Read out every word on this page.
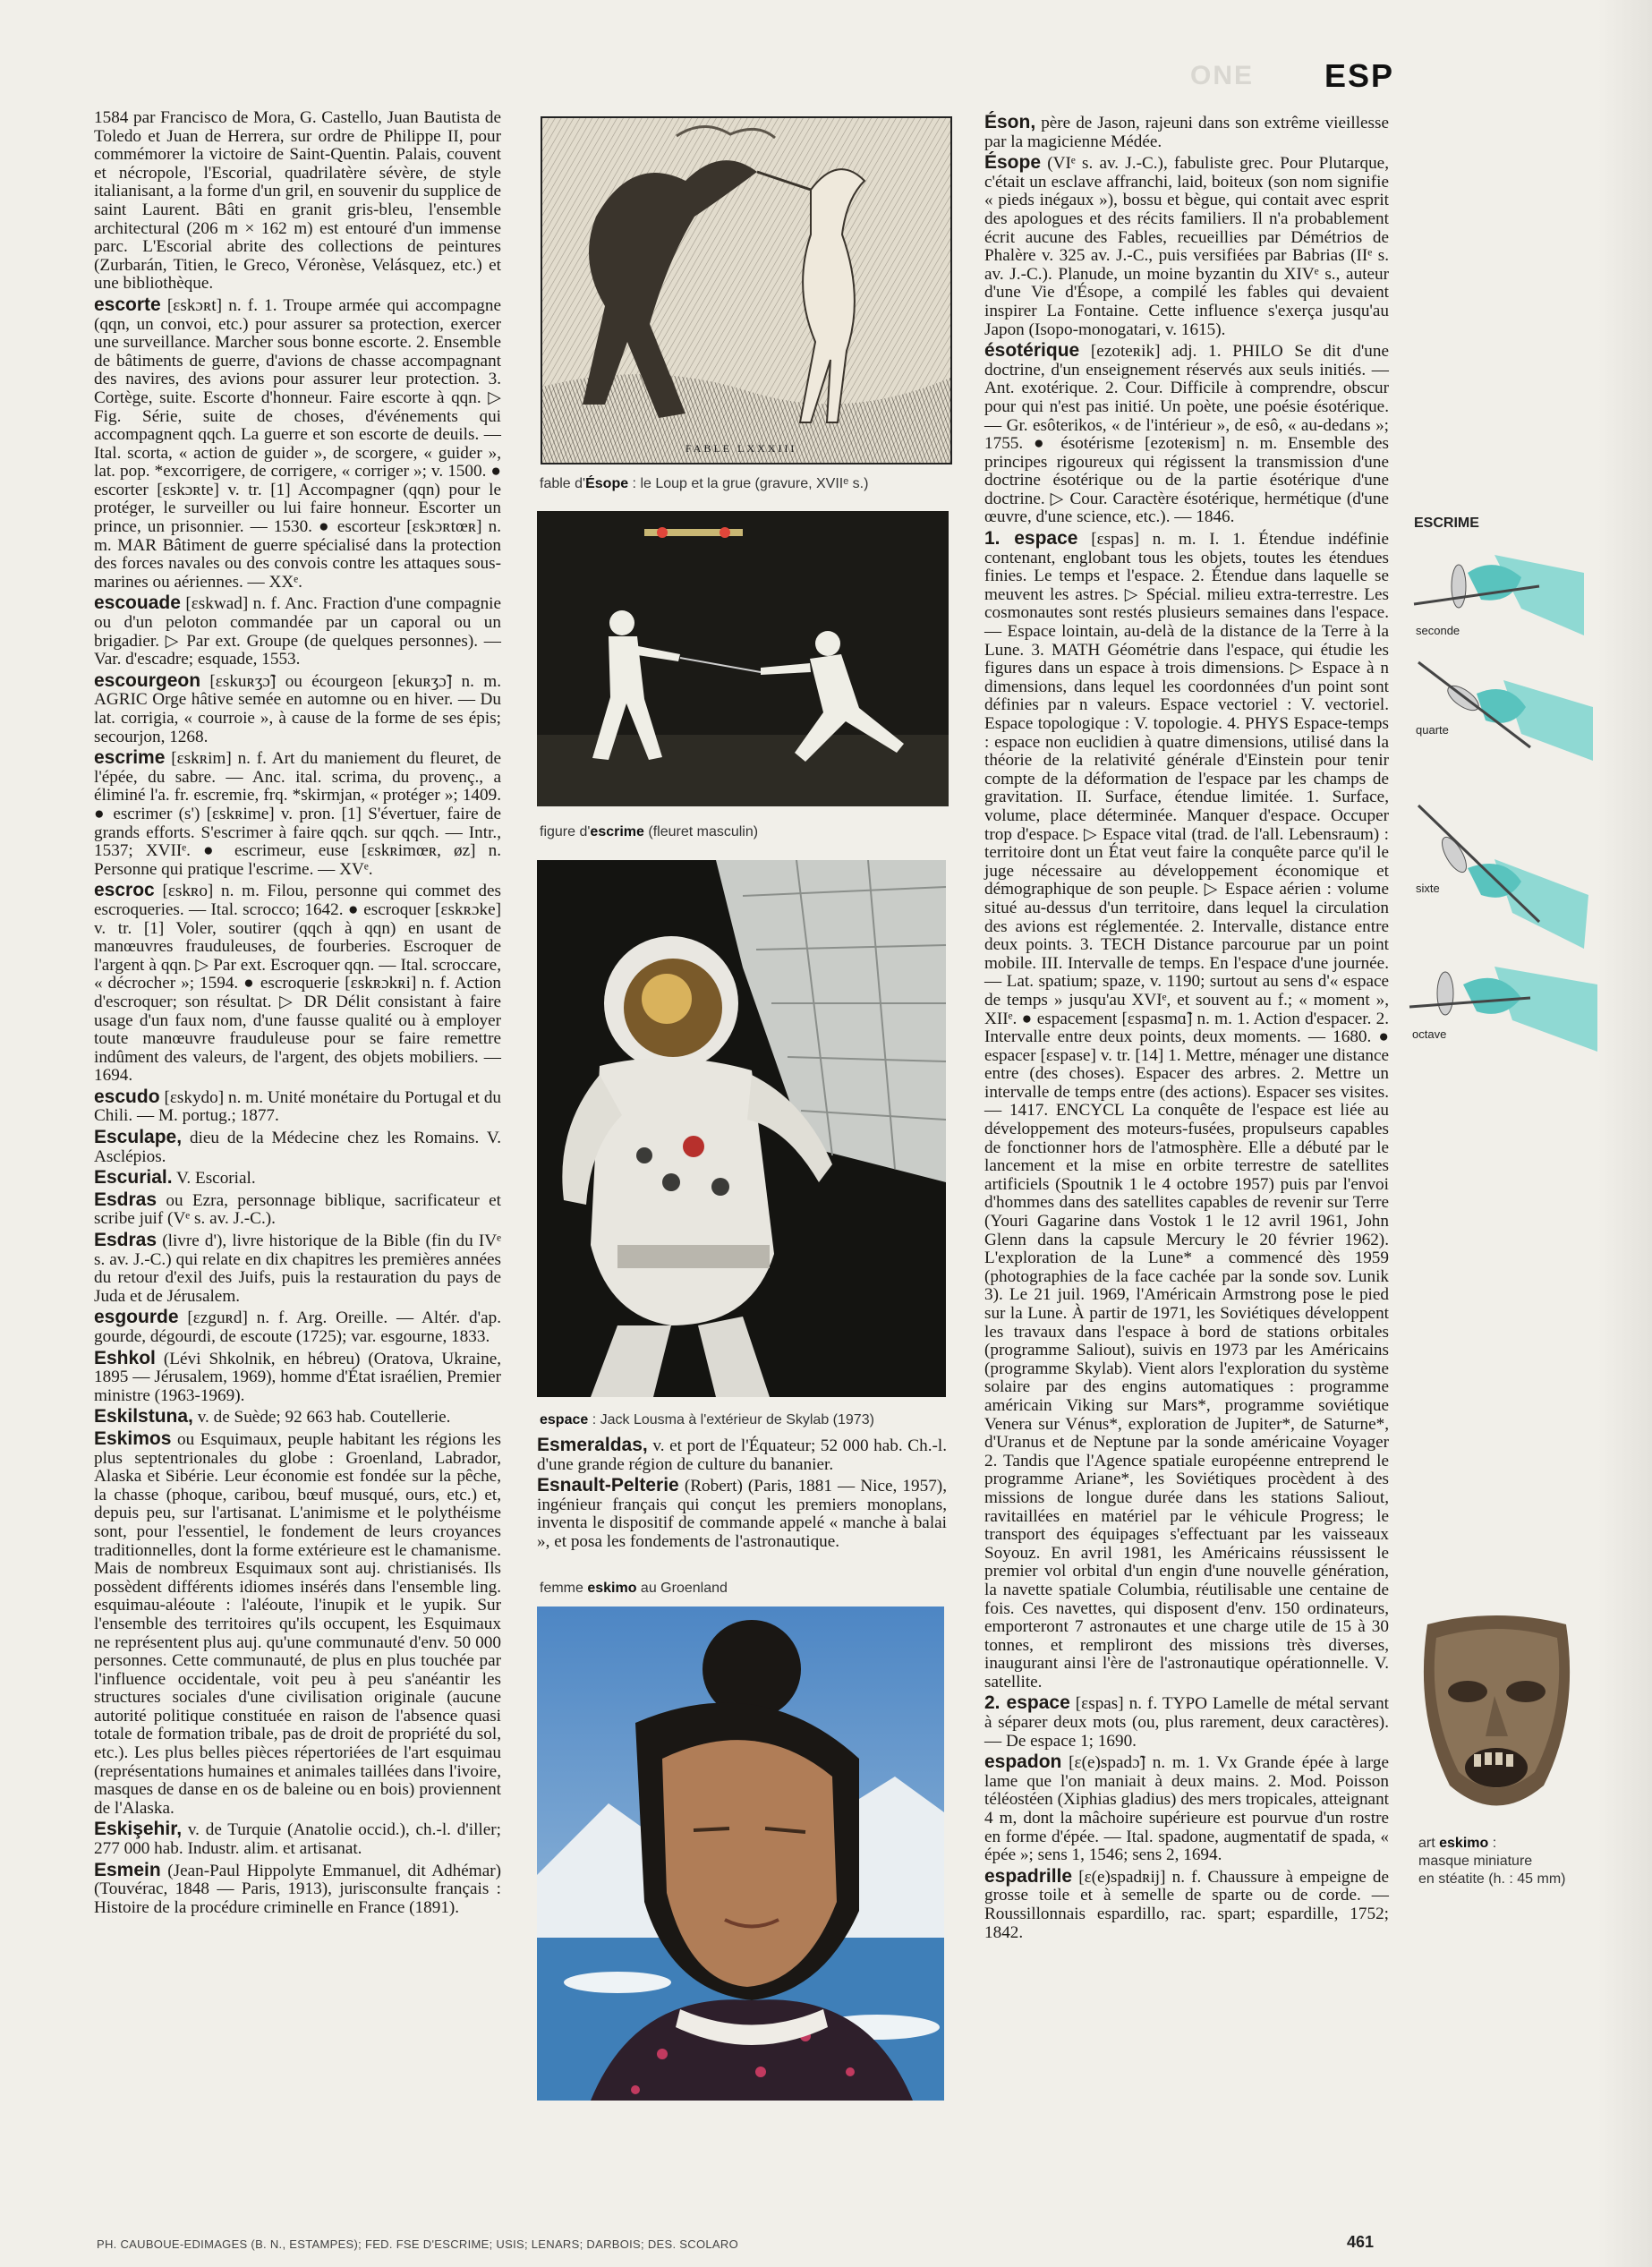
ONE ESP
1584 par Francisco de Mora, G. Castello, Juan Bautista de Toledo et Juan de Herrera, sur ordre de Philippe II, pour commémorer la victoire de Saint-Quentin. Palais, couvent et nécropole, l'Escorial, quadrilatère sévère, de style italianisant, a la forme d'un gril, en souvenir du supplice de saint Laurent. Bâti en granit gris-bleu, l'ensemble architectural (206 m × 162 m) est entouré d'un immense parc. L'Escorial abrite des collections de peintures (Zurbarán, Titien, le Greco, Véronèse, Velásquez, etc.) et une bibliothèque.
escorte [ɛskɔʀt] n. f. 1. Troupe armée qui accompagne (qqn, un convoi, etc.) pour assurer sa protection, exercer une surveillance. Marcher sous bonne escorte. 2. Ensemble de bâtiments de guerre, d'avions de chasse accompagnant des navires, des avions pour assurer leur protection. 3. Cortège, suite. Escorte d'honneur. Faire escorte à qqn. ▷ Fig. Série, suite de choses, d'événements qui accompagnent qqch. La guerre et son escorte de deuils. — Ital. scorta, « action de guider », de scorgere, « guider », lat. pop. *excorrigere, de corrigere, « corriger »; v. 1500. ● escorter [ɛskɔʀte] v. tr. [1] Accompagner (qqn) pour le protéger, le surveiller ou lui faire honneur. Escorter un prince, un prisonnier. — 1530. ● escorteur [ɛskɔʀtœʀ] n. m. MAR Bâtiment de guerre spécialisé dans la protection des forces navales ou des convois contre les attaques sous-marines ou aériennes. — XXᵉ.
escouade [ɛskwad] n. f. Anc. Fraction d'une compagnie ou d'un peloton commandée par un caporal ou un brigadier. ▷ Par ext. Groupe (de quelques personnes). — Var. d'escadre; esquade, 1553.
escourgeon [ɛskuʀʒɔ̃] ou écourgeon [ekuʀʒɔ̃] n. m. AGRIC Orge hâtive semée en automne ou en hiver. — Du lat. corrigia, « courroie », à cause de la forme de ses épis; secourjon, 1268.
escrime [ɛskʀim] n. f. Art du maniement du fleuret, de l'épée, du sabre. — Anc. ital. scrima, du provenç., a éliminé l'a. fr. escremie, frq. *skirmjan, « protéger »; 1409. ● escrimer (s') [ɛskʀime] v. pron. [1] S'évertuer, faire de grands efforts. S'escrimer à faire qqch. sur qqch. — Intr., 1537; XVIIᵉ. ● escrimeur, euse [ɛskʀimœʀ, øz] n. Personne qui pratique l'escrime. — XVᵉ.
escroc [ɛskʀo] n. m. Filou, personne qui commet des escroqueries. — Ital. scrocco; 1642. ● escroquer [ɛskʀɔke] v. tr. [1] Voler, soutirer (qqch à qqn) en usant de manœuvres frauduleuses, de fourberies. Escroquer de l'argent à qqn. ▷ Par ext. Escroquer qqn. — Ital. scroccare, « décrocher »; 1594. ● escroquerie [ɛskʀɔkʀi] n. f. Action d'escroquer; son résultat. ▷ DR Délit consistant à faire usage d'un faux nom, d'une fausse qualité ou à employer toute manœuvre frauduleuse pour se faire remettre indûment des valeurs, de l'argent, des objets mobiliers. — 1694.
escudo [ɛskydo] n. m. Unité monétaire du Portugal et du Chili. — M. portug.; 1877.
Esculape, dieu de la Médecine chez les Romains. V. Asclépios.
Escurial. V. Escorial.
Esdras ou Ezra, personnage biblique, sacrificateur et scribe juif (Vᵉ s. av. J.-C.).
Esdras (livre d'), livre historique de la Bible (fin du IVᵉ s. av. J.-C.) qui relate en dix chapitres les premières années du retour d'exil des Juifs, puis la restauration du pays de Juda et de Jérusalem.
esgourde [ɛzguʀd] n. f. Arg. Oreille. — Altér. d'ap. gourde, dégourdi, de escoute (1725); var. esgourne, 1833.
Eshkol (Lévi Shkolnik, en hébreu) (Oratova, Ukraine, 1895 — Jérusalem, 1969), homme d'État israélien, Premier ministre (1963-1969).
Eskilstuna, v. de Suède; 92 663 hab. Coutellerie.
Eskimos ou Esquimaux, peuple habitant les régions les plus septentrionales du globe : Groenland, Labrador, Alaska et Sibérie. Leur économie est fondée sur la pêche, la chasse (phoque, caribou, bœuf musqué, ours, etc.) et, depuis peu, sur l'artisanat. L'animisme et le polythéisme sont, pour l'essentiel, le fondement de leurs croyances traditionnelles, dont la forme extérieure est le chamanisme. Mais de nombreux Esquimaux sont auj. christianisés. Ils possèdent différents idiomes insérés dans l'ensemble ling. esquimau-aléoute : l'aléoute, l'inupik et le yupik. Sur l'ensemble des territoires qu'ils occupent, les Esquimaux ne représentent plus auj. qu'une communauté d'env. 50 000 personnes. Cette communauté, de plus en plus touchée par l'influence occidentale, voit peu à peu s'anéantir les structures sociales d'une civilisation originale (aucune autorité politique constituée en raison de l'absence quasi totale de formation tribale, pas de droit de propriété du sol, etc.). Les plus belles pièces répertoriées de l'art esquimau (représentations humaines et animales taillées dans l'ivoire, masques de danse en os de baleine ou en bois) proviennent de l'Alaska.
Eskişehir, v. de Turquie (Anatolie occid.), ch.-l. d'iller; 277 000 hab. Industr. alim. et artisanat.
Esmein (Jean-Paul Hippolyte Emmanuel, dit Adhémar) (Touvérac, 1848 — Paris, 1913), jurisconsulte français : Histoire de la procédure criminelle en France (1891).
FABLE LXXXIII
fable d'Ésope : le Loup et la grue (gravure, XVIIᵉ s.)
figure d'escrime (fleuret masculin)
espace : Jack Lousma à l'extérieur de Skylab (1973)
Esmeraldas, v. et port de l'Équateur; 52 000 hab. Ch.-l. d'une grande région de culture du bananier.
Esnault-Pelterie (Robert) (Paris, 1881 — Nice, 1957), ingénieur français qui conçut les premiers monoplans, inventa le dispositif de commande appelé « manche à balai », et posa les fondements de l'astronautique.
femme eskimo au Groenland
Éson, père de Jason, rajeuni dans son extrême vieillesse par la magicienne Médée.
Ésope (VIᵉ s. av. J.-C.), fabuliste grec. Pour Plutarque, c'était un esclave affranchi, laid, boiteux (son nom signifie « pieds inégaux »), bossu et bègue, qui contait avec esprit des apologues et des récits familiers. Il n'a probablement écrit aucune des Fables, recueillies par Démétrios de Phalère v. 325 av. J.-C., puis versifiées par Babrias (IIᵉ s. av. J.-C.). Planude, un moine byzantin du XIVᵉ s., auteur d'une Vie d'Ésope, a compilé les fables qui devaient inspirer La Fontaine. Cette influence s'exerça jusqu'au Japon (Isopo-monogatari, v. 1615).
ésotérique [ezoteʀik] adj. 1. PHILO Se dit d'une doctrine, d'un enseignement réservés aux seuls initiés. — Ant. exotérique. 2. Cour. Difficile à comprendre, obscur pour qui n'est pas initié. Un poète, une poésie ésotérique. — Gr. esôterikos, « de l'intérieur », de esô, « au-dedans »; 1755. ● ésotérisme [ezoteʀism] n. m. Ensemble des principes rigoureux qui régissent la transmission d'une doctrine ésotérique ou de la partie ésotérique d'une doctrine. ▷ Cour. Caractère ésotérique, hermétique (d'une œuvre, d'une science, etc.). — 1846.
1. espace [ɛspas] n. m. I. 1. Étendue indéfinie contenant, englobant tous les objets, toutes les étendues finies. Le temps et l'espace. 2. Étendue dans laquelle se meuvent les astres. ▷ Spécial. milieu extra-terrestre. Les cosmonautes sont restés plusieurs semaines dans l'espace. — Espace lointain, au-delà de la distance de la Terre à la Lune. 3. MATH Géométrie dans l'espace, qui étudie les figures dans un espace à trois dimensions. ▷ Espace à n dimensions, dans lequel les coordonnées d'un point sont définies par n valeurs. Espace vectoriel : V. vectoriel. Espace topologique : V. topologie. 4. PHYS Espace-temps : espace non euclidien à quatre dimensions, utilisé dans la théorie de la relativité générale d'Einstein pour tenir compte de la déformation de l'espace par les champs de gravitation. II. Surface, étendue limitée. 1. Surface, volume, place déterminée. Manquer d'espace. Occuper trop d'espace. ▷ Espace vital (trad. de l'all. Lebensraum) : territoire dont un État veut faire la conquête parce qu'il le juge nécessaire au développement économique et démographique de son peuple. ▷ Espace aérien : volume situé au-dessus d'un territoire, dans lequel la circulation des avions est réglementée. 2. Intervalle, distance entre deux points. 3. TECH Distance parcourue par un point mobile. III. Intervalle de temps. En l'espace d'une journée. — Lat. spatium; spaze, v. 1190; surtout au sens d'« espace de temps » jusqu'au XVIᵉ, et souvent au f.; « moment », XIIᵉ. ● espacement [ɛspasmɑ̃] n. m. 1. Action d'espacer. 2. Intervalle entre deux points, deux moments. — 1680. ● espacer [ɛspase] v. tr. [14] 1. Mettre, ménager une distance entre (des choses). Espacer des arbres. 2. Mettre un intervalle de temps entre (des actions). Espacer ses visites. — 1417. ENCYCL La conquête de l'espace est liée au développement des moteurs-fusées, propulseurs capables de fonctionner hors de l'atmosphère. Elle a débuté par le lancement et la mise en orbite terrestre de satellites artificiels (Spoutnik 1 le 4 octobre 1957) puis par l'envoi d'hommes dans des satellites capables de revenir sur Terre (Youri Gagarine dans Vostok 1 le 12 avril 1961, John Glenn dans la capsule Mercury le 20 février 1962). L'exploration de la Lune* a commencé dès 1959 (photographies de la face cachée par la sonde sov. Lunik 3). Le 21 juil. 1969, l'Américain Armstrong pose le pied sur la Lune. À partir de 1971, les Soviétiques développent les travaux dans l'espace à bord de stations orbitales (programme Saliout), suivis en 1973 par les Américains (programme Skylab). Vient alors l'exploration du système solaire par des engins automatiques : programme américain Viking sur Mars*, programme soviétique Venera sur Vénus*, exploration de Jupiter*, de Saturne*, d'Uranus et de Neptune par la sonde américaine Voyager 2. Tandis que l'Agence spatiale européenne entreprend le programme Ariane*, les Soviétiques procèdent à des missions de longue durée dans les stations Saliout, ravitaillées en matériel par le véhicule Progress; le transport des équipages s'effectuant par les vaisseaux Soyouz. En avril 1981, les Américains réussissent le premier vol orbital d'un engin d'une nouvelle génération, la navette spatiale Columbia, réutilisable une centaine de fois. Ces navettes, qui disposent d'env. 150 ordinateurs, emporteront 7 astronautes et une charge utile de 15 à 30 tonnes, et rempliront des missions très diverses, inaugurant ainsi l'ère de l'astronautique opérationnelle. V. satellite.
2. espace [ɛspas] n. f. TYPO Lamelle de métal servant à séparer deux mots (ou, plus rarement, deux caractères). — De espace 1; 1690.
espadon [ɛ(e)spadɔ̃] n. m. 1. Vx Grande épée à large lame que l'on maniait à deux mains. 2. Mod. Poisson téléostéen (Xiphias gladius) des mers tropicales, atteignant 4 m, dont la mâchoire supérieure est pourvue d'un rostre en forme d'épée. — Ital. spadone, augmentatif de spada, « épée »; sens 1, 1546; sens 2, 1694.
espadrille [ɛ(e)spadʀij] n. f. Chaussure à empeigne de grosse toile et à semelle de sparte ou de corde. — Roussillonnais espardillo, rac. spart; espardille, 1752; 1842.
ESCRIME
seconde
quarte
sixte
octave
art eskimo :
masque miniature
en stéatite (h. : 45 mm)
PH. CAUBOUE-EDIMAGES (B. N., ESTAMPES); FED. FSE D'ESCRIME; USIS; LENARS; DARBOIS; DES. SCOLARO	461
